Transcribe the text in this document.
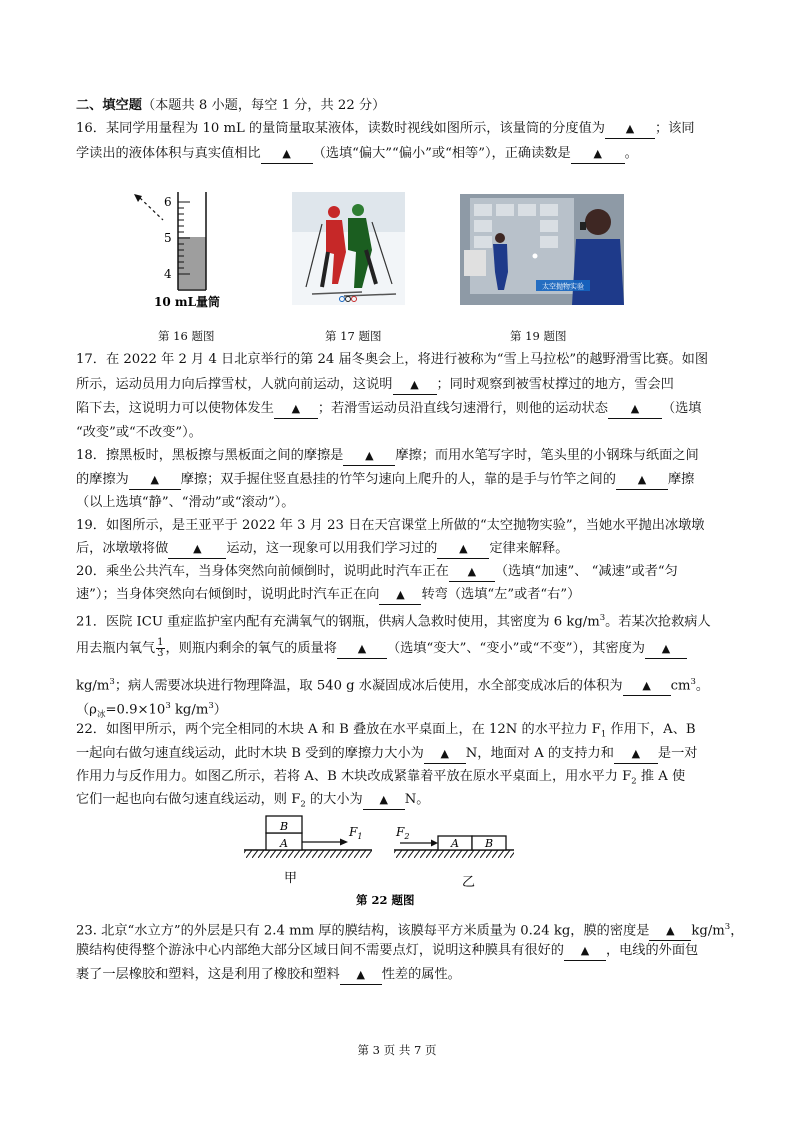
二、填空题（本题共 8 小题，每空 1 分，共 22 分）
16．某同学用量程为 10 mL 的量筒量取某液体，读数时视线如图所示，该量筒的分度值为 ▲ ；该同
学读出的液体体积与真实值相比 ▲ （选填“偏大”“偏小”或“相等”），正确读数是 ▲ 。
6
5
4
10 mL量筒
第 16 题图	第 17 题图
太空抛物实验
第 19 题图
17．在 2022 年 2 月 4 日北京举行的第 24 届冬奥会上，将进行被称为“雪上马拉松”的越野滑雪比赛。如图
所示，运动员用力向后撑雪杖，人就向前运动，这说明 ▲ ；同时观察到被雪杖撑过的地方，雪会凹
陷下去，这说明力可以使物体发生 ▲ ；若滑雪运动员沿直线匀速滑行，则他的运动状态 ▲ （选填
“改变”或“不改变”）。
18．擦黑板时，黑板擦与黑板面之间的摩擦是 ▲ 摩擦；而用水笔写字时，笔头里的小钢珠与纸面之间
的摩擦为 ▲ 摩擦；双手握住竖直悬挂的竹竿匀速向上爬升的人，靠的是手与竹竿之间的 ▲ 摩擦
（以上选填“静”、“滑动”或“滚动”）。
19．如图所示，是王亚平于 2022 年 3 月 23 日在天宫课堂上所做的“太空抛物实验”，当她水平抛出冰墩墩
后，冰墩墩将做 ▲ 运动，这一现象可以用我们学习过的 ▲ 定律来解释。
20．乘坐公共汽车，当身体突然向前倾倒时，说明此时汽车正在 ▲ （选填“加速”、 “减速”或者“匀
速”）；当身体突然向右倾倒时，说明此时汽车正在向 ▲ 转弯（选填“左”或者“右”）
21．医院 ICU 重症监护室内配有充满氧气的钢瓶，供病人急救时使用，其密度为 6 $kg/m^3$。若某次抢救病人
用去瓶内氧气 $\frac{1}{3}$ ，则瓶内剩余的氧气的质量将 ▲ （选填“变大”、“变小”或“不变”），其密度为 ▲
$kg/m^3$；病人需要冰块进行物理降温，取 540 g 水凝固成冰后使用，水全部变成冰后的体积为 ▲ $cm^3$。
（$\rho_冰=0.9\times 10^3$ $kg/m^3$）
22．如图甲所示，两个完全相同的木块 A 和 B 叠放在水平桌面上，在 12N 的水平拉力 $F_1$ 作用下，A、B
一起向右做匀速直线运动，此时木块 B 受到的摩擦力大小为 ▲ N，地面对 A 的支持力和 ▲ 是一对
作用力与反作用力。如图乙所示，若将 A、B 木块改成紧靠着平放在原水平桌面上，用水平力 $F_2$ 推 A 使
它们一起也向右做匀速直线运动，则 $F_2$ 的大小为 ▲ N。
A
B	$F_1$
甲
A B
$F_2$
乙
第 22 题图
23. 北京“水立方”的外层是只有 2.4 mm 厚的膜结构，该膜每平方米质量为 0.24 kg，膜的密度是 ▲ $kg/m^3$，
膜结构使得整个游泳中心内部绝大部分区域日间不需要点灯，说明这种膜具有很好的 ▲ ，电线的外面包
裹了一层橡胶和塑料，这是利用了橡胶和塑料 ▲ 性差的属性。
第 3 页 共 7 页
